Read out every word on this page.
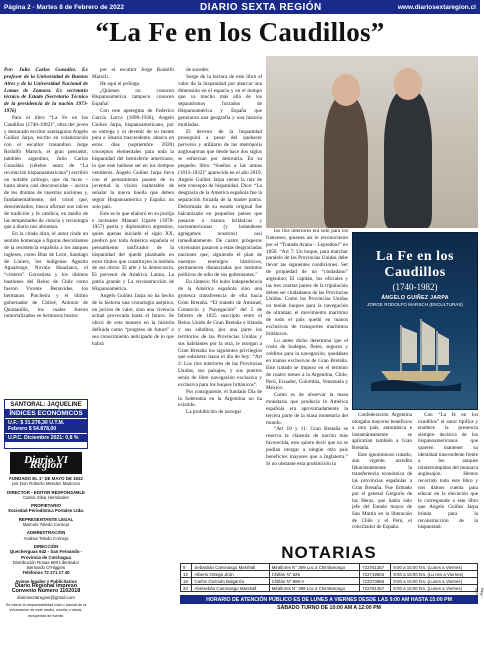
Página 2 - Martes 8 de Febrero de 2022	DIARIO SEXTA REGIÓN	www.diariosextaregion.cl
“La Fe en los Caudillos”

Por: Julio Carlos González. Ex profesor de la Universidad de Buenos Aires y de la Universidad Nacional de Lomas de Zamora. Ex secretario técnico de Estado (Secretario Técnico de la presidencia de la nación 1973-1976)

Para el libro “La Fe en los Caudillos (1740-1982)”, obra del joven y destacado escritor santiaguino Angelo Guiñez Jarpa, escrito en colaboración con el escultor trasandino Jorge Rodolfo Marsch, el gran pensador, también argentino, Julio Carlos González (célebre autor de “La revolución hispanoamericana”) escribió un notable prólogo, que da luces – hasta ahora casi desconocidas – acerca de los dramas de nuestras naciones y, fundamentalmente, del crisol que, desorientados, busca afirmar sus raíces de tradición y fe católica, en medio de las tempestades de ciencia y tecnología que a diario nos abruman.

En la citada obra, el autor rinde un sentido homenaje a figuras descollantes de la resistencia española a los ataques ingleses, como Blas de Lezo, Santiago de Liniers, los indígenas Agustín Agualongo, Novala Huachaca, el “cristero” Gorostieta y los últimos bastiones del Reino de Chile como fueron Vicente Benavides, los hermanos Pincheira y el último gobernador de Chiloé, Antonio de Quintanilla, los cuales fueron inmortalizados en hermosos bustos

por el escultor Jorge Rodolfo Marsch.

He aquí el prólogo.

¿Quienes no conocen Hispanoamérica tampoco conocen España!

Con este apotegma de Federico García Lorca (1898-1936), Angelo Guiñez Jarpa, hispanoamericano, por su entrega y el devenir de su mente pura e idearia trascendente, abarca en estos días (septiembre 2020) conceptos elementales para toda la hispanidad del hemisferio americano, lo que este hubiese ser en los tiempos venideros. Angelo Guiñez Jarpa lleva con el pensamiento puente de su juventud la visión inalterable de señalar la nueva huella que deben seguir Hispanoamérica y España: un solo país.

Este es lo que elaboró en su prolija e incesante Manuel Ugarte (1878-1957) patria y diplomático argentino, quien apenas iniciado el siglo XX, predicó por toda América española el pensamiento unificador de la hispanidad del quedó plasmado en estos títulos que constituyen la médula de sus obras: El arte y la democracia, El porvenir de América Latina, La patria grande y La reconstrucción de Hispanoamérica.

Angelo Guiñez Jarpa no ha hecho de la historia una cronología aséptica, un juicios de valor, sino una vivencia actual provocada hasta el futuro. Se ubicó de esta manera en la historia definida como “progreso de futuro” o sea conocimiento anticipado de lo que habrá

de suceder.

Surge de la lectura de este libro el valor de la hispanidad por abarcar una dimensión en el espacio y en el tiempo que va mucho más allá de los separatismos forzados de Hispanoamérica y España que generaron una geografía y una historia mutiladas.

El devenir de la hispanidad proseguirá a pesar del quehacer perverso y utilitario de las metrópolis anglosajonas que desde hace dos siglos se esfuerzan por destruirla. En su pequeño libro “Sueños a las armas (1813-1832)” aparecido en el año 2019, Angelo Guiñez Jarpa siente la raíz de este concepto de hispanidad. Dice: “La desgracia de la América española fue la separación forzada de la madre patria. Deformada de su estado original fue balcanizada en pequeños países que pasaron a manos británicas y norteamericanas (y holandeses agregamos nosotros) casi inmediatamente. De cuatro prósperos virreinatos pasaron a estas desgraciadas naciones que, siguiendo el plan de nuestros enemigos históricos, permanecen distanciadas por instintos políticos de odio de sus gobernantes.”

En síntesis: No hubo independencia de la América española sino una grotesca transferencia de ella hacia Gran Bretaña. “El tratado de Amistad, Comercio y Navegación” del 2 de febrero de 1825 suscripto entre el Reino Unido de Gran Bretaña e Irlanda y sus súbditos, por una parte los territorios de las Provincias Unidas y sus habitantes por la otra, le otorgan a Gran Bretaña los siguientes privilegios que subsisten hasta el día de hoy: “Art 2: Los ríos interiores de las Provincias Unidas, sus paisajes, y sus puertos serán de libre navegación exclusiva y exclusiva para los buques británicos”.

Por consiguiente, el fundado Día de la Soberanía en la Argentina no ha existido.

La prohibición de navegar

los ríos interiores era solo para los franceses, quienes así lo reconocieron por el “Tratado Arana – Lepredour” en 1850. “Art 7: Un buque, para marchar paralelo de las Provincias Unidas debe llevar las siguientes condiciones: Ser de propiedad de un “ciudadano” argentino; El capitán, los oficiales y las tres cuartas partes de la tripulación deben ser ciudadanos de las Provincias Unidas. Como las Provincias Unidas no tenían buques para la navegación de ultramar, el movimiento marítimo de todo el país quedó en manos exclusivas de transportes marítimos británicos.

Lo antes dicho determina que el costo de bodegas, fletes, seguros y créditos para la navegación, quedaban en manos exclusivas de Gran Bretaña. Este tratado se impuso en el término de cuatro meses a la Argentina, Chile, Perú, Ecuador, Colombia, Venezuela y México.

Como es de observar la masa monetaria que producía la América española era aproximadamente la tercera parte de la masa monetaria del mundo.

“Art 10 y 11: Gran Bretaña se reserva la cláusula de nación más favorecida, esto quiere decir que no se podían otorgar a ningún otro país beneficios mayores que a Inglaterra.” Si no obstante esta prohibición la

La Fe en los Caudillos
(1740-1982)
ÁNGELO GUIÑEZ JARPA
JORGE RODOLFO MARSCH (ESCULTURAS)

Confederación Argentina otorgaba mayores beneficios a otro país, automática e instantáneamente se aplicarían también a Gran Bretaña.

Este ignominioso tratado, aún vigente, acredita fehacientemente la transferencia económica de las provincias españolas a Gran Bretaña. Fue firmado por el general Gregorio de las Heras, que había sido jefe del Estado mayor de San Martín en la liberación de Chile y el Perú, el conciliador de España.

Con “La fe en los caudillos” el autor tipifica y enaltece la presencia siempre decisiva de los hispanoamericanos que quieren mantener su identidad trascendente frente a los ataques ininterrumpidos del monarca anglosajón. Hemos recorrido todo este libro y nos damos cuenta para educar en la elevación que le corresponde a este libro que Angelo Guiñez Jarpa brinda para la reconstrucción de la hispanidad.

SANTORAL: JAQUELINE
ÍNDICES ECONÓMICOS
U.F.: $ 31.276,30 U.T.M. Febrero $ 54.878,00
U.P.C. Diciembre 2021: 0,8 %
Diario VI Región
FUNDADO EL 1° DE MAYO DE 1922
por Don Roberto Mendez Mancera
DIRECTOR - EDITOR RESPONSABLE
Carlos Silva Hernández
PROPIETARIO
Sociedad Periodística Portales Ltda.
REPRESENTANTE LEGAL
Marcelo Toledo Cornejo
ADMINISTRACIÓN
Andrea Toledo Cornejo
DIRECCIÓN
Quecherguas 642 - San Fernando - Provincia de Colchagua
Distribución Rosas 660 Libertador Bernardo O'Higgins
Teléfonos 72 271 17 40
Avisos legales y Publicitarios
Diario Regional impreso Convenio Número 1102018
diariosextaregion@gmail.com
Se exime la responsabilidad total o parcial de la información de este medio, escrita o visual, incluyendo de fuente.
NOTARIAS
9	Sebastián Caminasgo Marshall	Mirallores N° 399 Loc.4 Chimbarongo	722761357	9:00 a 15:00 hrs. (Lunes a Viernes)
12	Alberto Ortega Jirón	Chillán N° 625	722719604	9:00 a 15:00 hrs. (Lu nes a Viernes)
19	Carlos Guzmán Balgarría	Chillán N° 595-A	722373866	9:00 a 15:00 hrs. (Lunes a Viernes)
20	Abelsebán Caminasgo Marshall	Mirallores N° 399 Loc.4 Chimbarongo	722761357	9:00 a 15:00 hrs. (Lunes a Viernes)
HORARIO DE ATENCIÓN PÚBLICO ES DE LUNES A VIERNES DESDE LAS 9:00 AM HASTA 15:00 PM
SÁBADO TURNO DE 10:00 AM A 12:00 PM
mVRL - Pág.
